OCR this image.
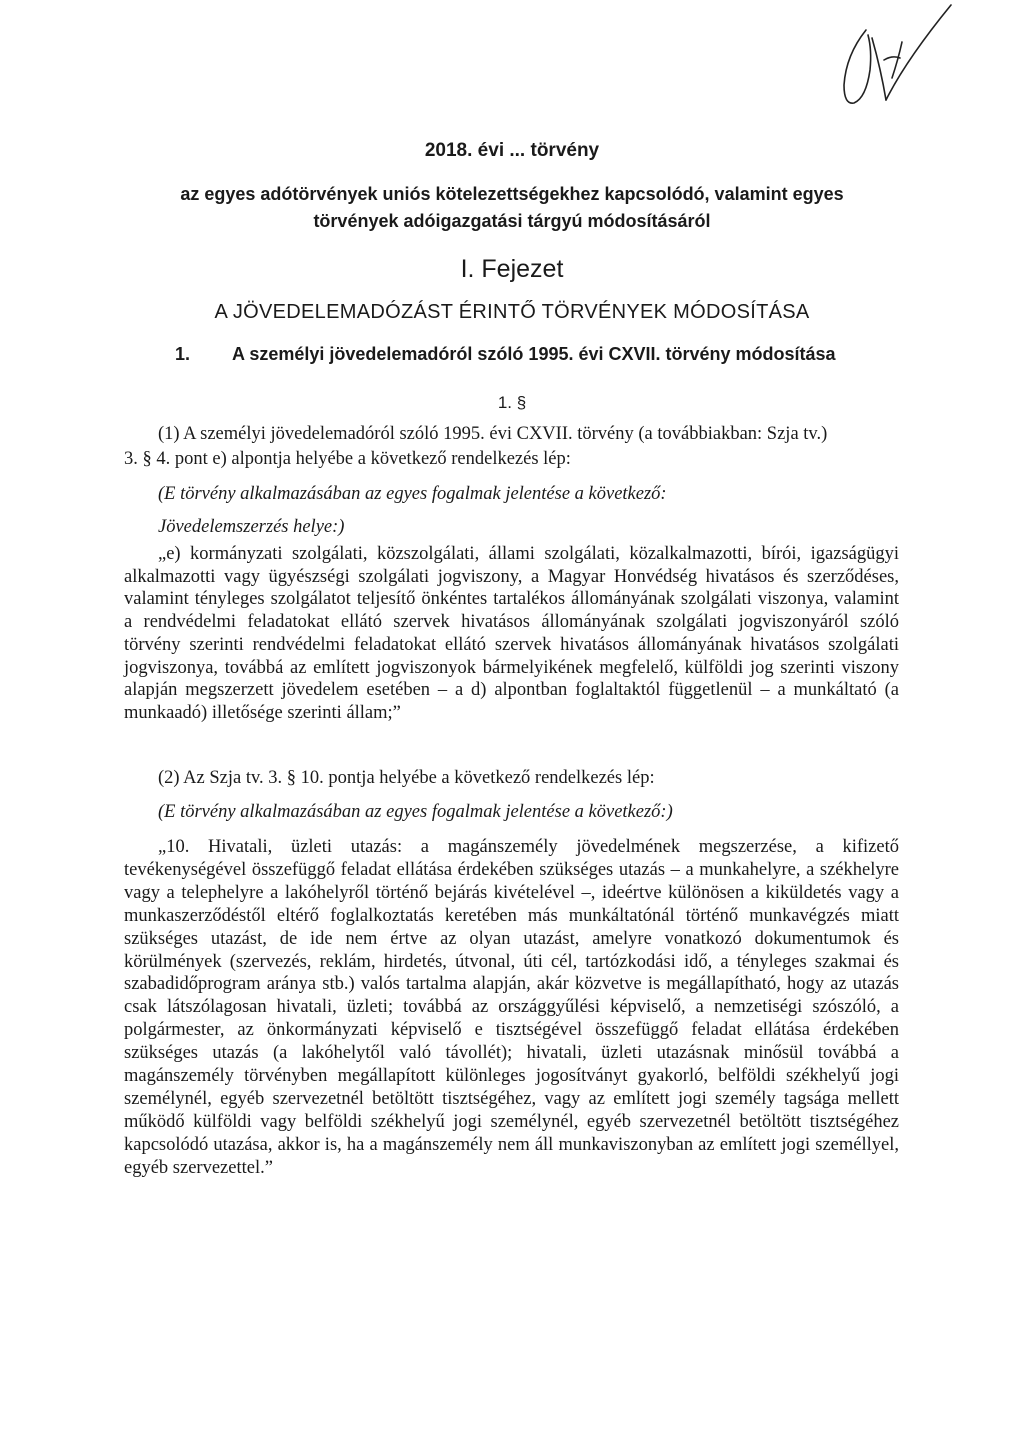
2018. évi ... törvény
az egyes adótörvények uniós kötelezettségekhez kapcsolódó, valamint egyes
törvények adóigazgatási tárgyú módosításáról
I. Fejezet
A JÖVEDELEMADÓZÁST ÉRINTŐ TÖRVÉNYEK MÓDOSÍTÁSA
1. A személyi jövedelemadóról szóló 1995. évi CXVII. törvény módosítása
1. §
(1) A személyi jövedelemadóról szóló 1995. évi CXVII. törvény (a továbbiakban: Szja tv.)
3. § 4. pont e) alpontja helyébe a következő rendelkezés lép:
(E törvény alkalmazásában az egyes fogalmak jelentése a következő:
Jövedelemszerzés helye:)
„e) kormányzati szolgálati, közszolgálati, állami szolgálati, közalkalmazotti, bírói, igazságügyi alkalmazotti vagy ügyészségi szolgálati jogviszony, a Magyar Honvédség hivatásos és szerződéses, valamint tényleges szolgálatot teljesítő önkéntes tartalékos állományának szolgálati viszonya, valamint a rendvédelmi feladatokat ellátó szervek hivatásos állományának szolgálati jogviszonyáról szóló törvény szerinti rendvédelmi feladatokat ellátó szervek hivatásos állományának hivatásos szolgálati jogviszonya, továbbá az említett jogviszonyok bármelyikének megfelelő, külföldi jog szerinti viszony alapján megszerzett jövedelem esetében – a d) alpontban foglaltaktól függetlenül – a munkáltató (a munkaadó) illetősége szerinti állam;”
(2) Az Szja tv. 3. § 10. pontja helyébe a következő rendelkezés lép:
(E törvény alkalmazásában az egyes fogalmak jelentése a következő:)
„10. Hivatali, üzleti utazás: a magánszemély jövedelmének megszerzése, a kifizető tevékenységével összefüggő feladat ellátása érdekében szükséges utazás – a munkahelyre, a székhelyre vagy a telephelyre a lakóhelyről történő bejárás kivételével –, ideértve különösen a kiküldetés vagy a munkaszerződéstől eltérő foglalkoztatás keretében más munkáltatónál történő munkavégzés miatt szükséges utazást, de ide nem értve az olyan utazást, amelyre vonatkozó dokumentumok és körülmények (szervezés, reklám, hirdetés, útvonal, úti cél, tartózkodási idő, a tényleges szakmai és szabadidőprogram aránya stb.) valós tartalma alapján, akár közvetve is megállapítható, hogy az utazás csak látszólagosan hivatali, üzleti; továbbá az országgyűlési képviselő, a nemzetiségi szószóló, a polgármester, az önkormányzati képviselő e tisztségével összefüggő feladat ellátása érdekében szükséges utazás (a lakóhelytől való távollét); hivatali, üzleti utazásnak minősül továbbá a magánszemély törvényben megállapított különleges jogosítványt gyakorló, belföldi székhelyű jogi személynél, egyéb szervezetnél betöltött tisztségéhez, vagy az említett jogi személy tagsága mellett működő külföldi vagy belföldi székhelyű jogi személynél, egyéb szervezetnél betöltött tisztségéhez kapcsolódó utazása, akkor is, ha a magánszemély nem áll munkaviszonyban az említett jogi személlyel, egyéb szervezettel.”
